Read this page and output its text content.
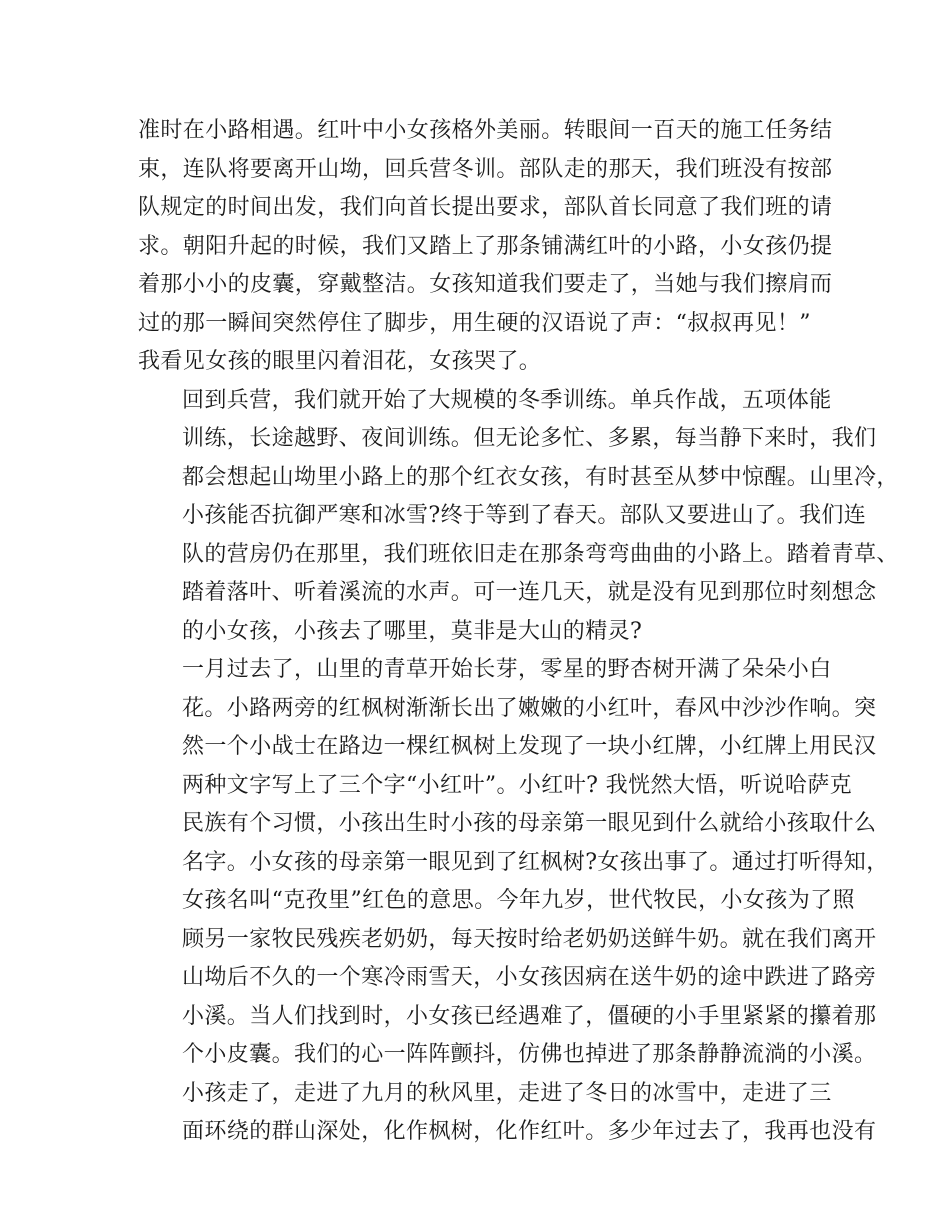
准时在小路相遇。红叶中小女孩格外美丽。转眼间一百天的施工任务结
束，连队将要离开山坳，回兵营冬训。部队走的那天，我们班没有按部
队规定的时间出发，我们向首长提出要求，部队首长同意了我们班的请
求。朝阳升起的时候，我们又踏上了那条铺满红叶的小路，小女孩仍提
着那小小的皮囊，穿戴整洁。女孩知道我们要走了，当她与我们擦肩而
过的那一瞬间突然停住了脚步，用生硬的汉语说了声：“叔叔再见！”
我看见女孩的眼里闪着泪花，女孩哭了。

回到兵营，我们就开始了大规模的冬季训练。单兵作战，五项体能
训练，长途越野、夜间训练。但无论多忙、多累，每当静下来时，我们
都会想起山坳里小路上的那个红衣女孩，有时甚至从梦中惊醒。山里冷，
小孩能否抗御严寒和冰雪?终于等到了春天。部队又要进山了。我们连
队的营房仍在那里，我们班依旧走在那条弯弯曲曲的小路上。踏着青草、
踏着落叶、听着溪流的水声。可一连几天，就是没有见到那位时刻想念
的小女孩，小孩去了哪里，莫非是大山的精灵?

一月过去了，山里的青草开始长芽，零星的野杏树开满了朵朵小白
花。小路两旁的红枫树渐渐长出了嫩嫩的小红叶，春风中沙沙作响。突
然一个小战士在路边一棵红枫树上发现了一块小红牌，小红牌上用民汉
两种文字写上了三个字“小红叶”。小红叶? 我恍然大悟，听说哈萨克
民族有个习惯，小孩出生时小孩的母亲第一眼见到什么就给小孩取什么
名字。小女孩的母亲第一眼见到了红枫树?女孩出事了。通过打听得知，
女孩名叫“克孜里”红色的意思。今年九岁，世代牧民，小女孩为了照
顾另一家牧民残疾老奶奶，每天按时给老奶奶送鲜牛奶。就在我们离开
山坳后不久的一个寒冷雨雪天，小女孩因病在送牛奶的途中跌进了路旁
小溪。当人们找到时，小女孩已经遇难了，僵硬的小手里紧紧的攥着那
个小皮囊。我们的心一阵阵颤抖，仿佛也掉进了那条静静流淌的小溪。

小孩走了，走进了九月的秋风里，走进了冬日的冰雪中，走进了三
面环绕的群山深处，化作枫树，化作红叶。多少年过去了，我再也没有
